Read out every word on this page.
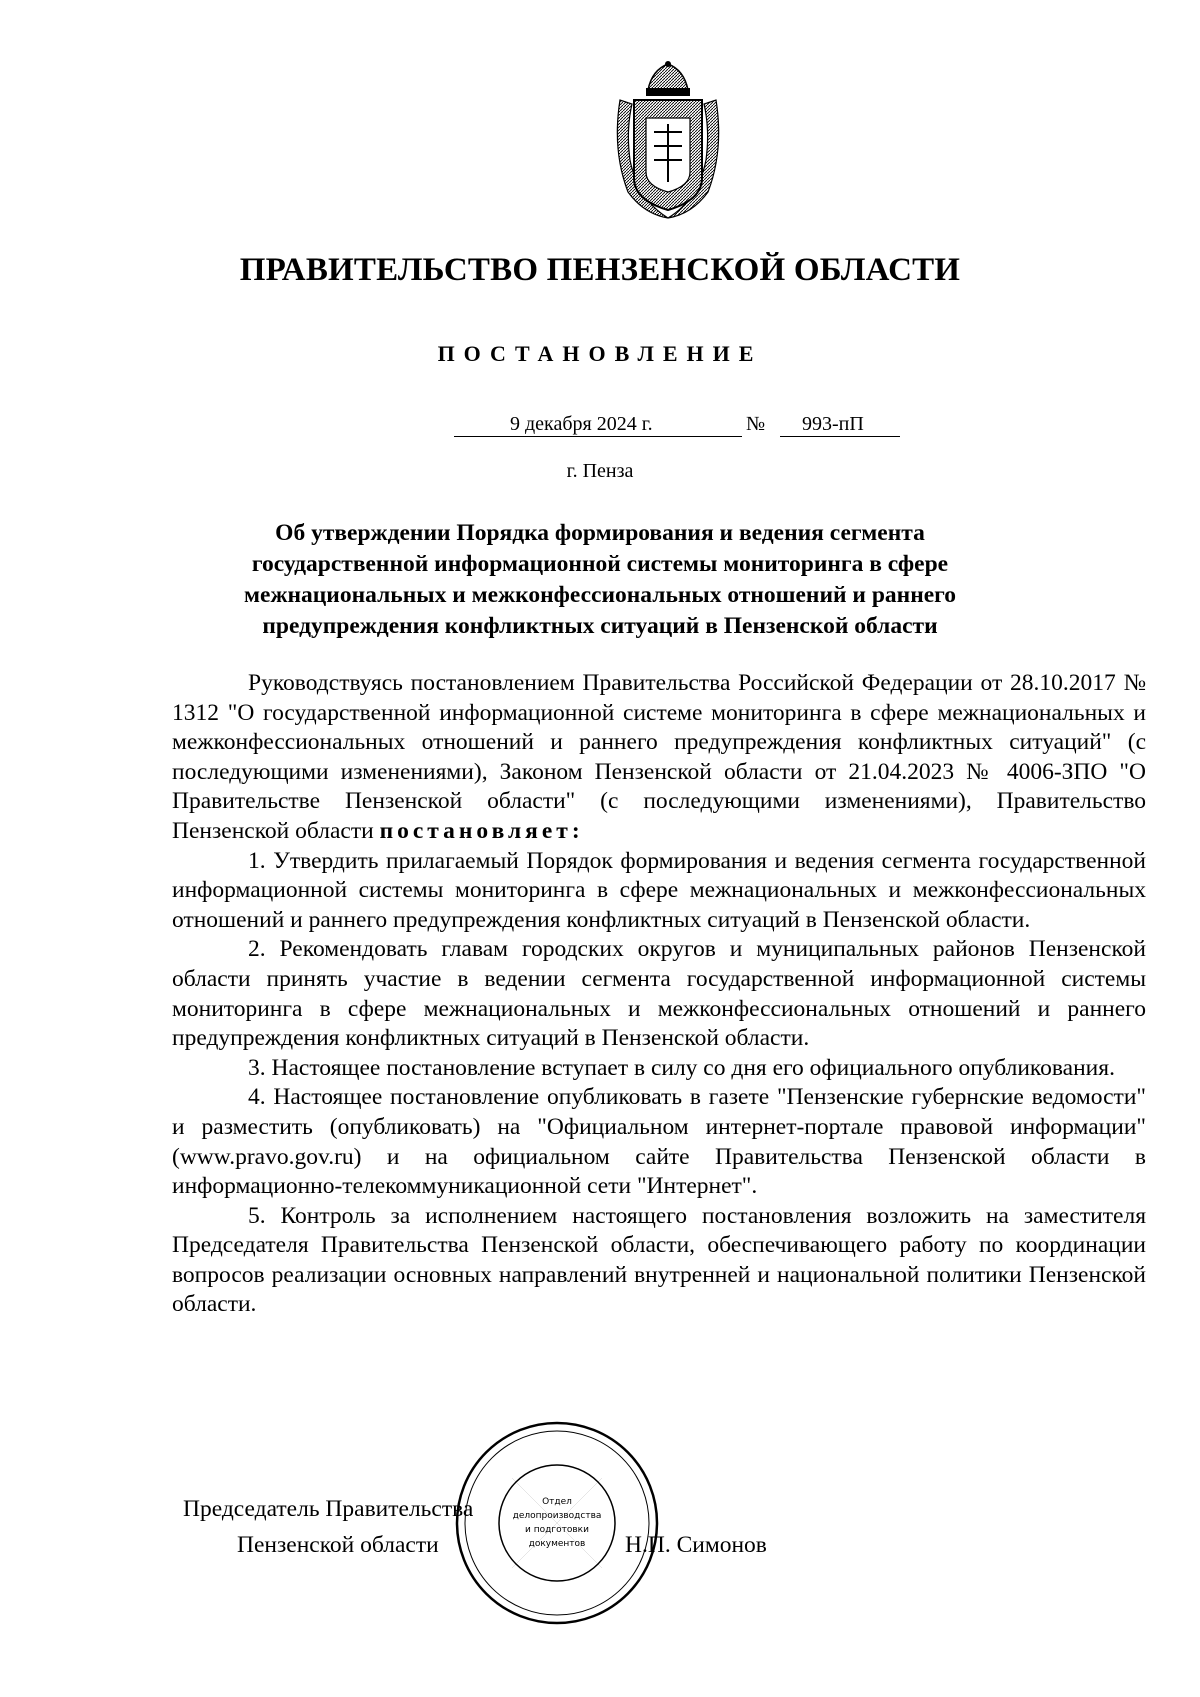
ПРАВИТЕЛЬСТВО ПЕНЗЕНСКОЙ ОБЛАСТИ
ПОСТАНОВЛЕНИЕ
9 декабря 2024 г.	№	993-пП
г. Пенза
Об утверждении Порядка формирования и ведения сегмента государственной информационной системы мониторинга в сфере межнациональных и межконфессиональных отношений и раннего предупреждения конфликтных ситуаций в Пензенской области

Руководствуясь постановлением Правительства Российской Федерации от 28.10.2017 № 1312 "О государственной информационной системе мониторинга в сфере межнациональных и межконфессиональных отношений и раннего предупреждения конфликтных ситуаций" (с последующими изменениями), Законом Пензенской области от 21.04.2023 № 4006-ЗПО "О Правительстве Пензенской области" (с последующими изменениями), Правительство Пензенской области постановляет:

1. Утвердить прилагаемый Порядок формирования и ведения сегмента государственной информационной системы мониторинга в сфере межнациональных и межконфессиональных отношений и раннего предупреждения конфликтных ситуаций в Пензенской области.

2. Рекомендовать главам городских округов и муниципальных районов Пензенской области принять участие в ведении сегмента государственной информационной системы мониторинга в сфере межнациональных и межконфессиональных отношений и раннего предупреждения конфликтных ситуаций в Пензенской области.

3. Настоящее постановление вступает в силу со дня его официального опубликования.

4. Настоящее постановление опубликовать в газете "Пензенские губернские ведомости" и разместить (опубликовать) на "Официальном интернет-портале правовой информации" (www.pravo.gov.ru) и на официальном сайте Правительства Пензенской области в информационно-телекоммуникационной сети "Интернет".

5. Контроль за исполнением настоящего постановления возложить на заместителя Председателя Правительства Пензенской области, обеспечивающего работу по координации вопросов реализации основных направлений внутренней и национальной политики Пензенской области.

Председатель Правительства
Пензенской области	Н.П. Симонов
Отдел
делопроизводства
и подготовки
документов
